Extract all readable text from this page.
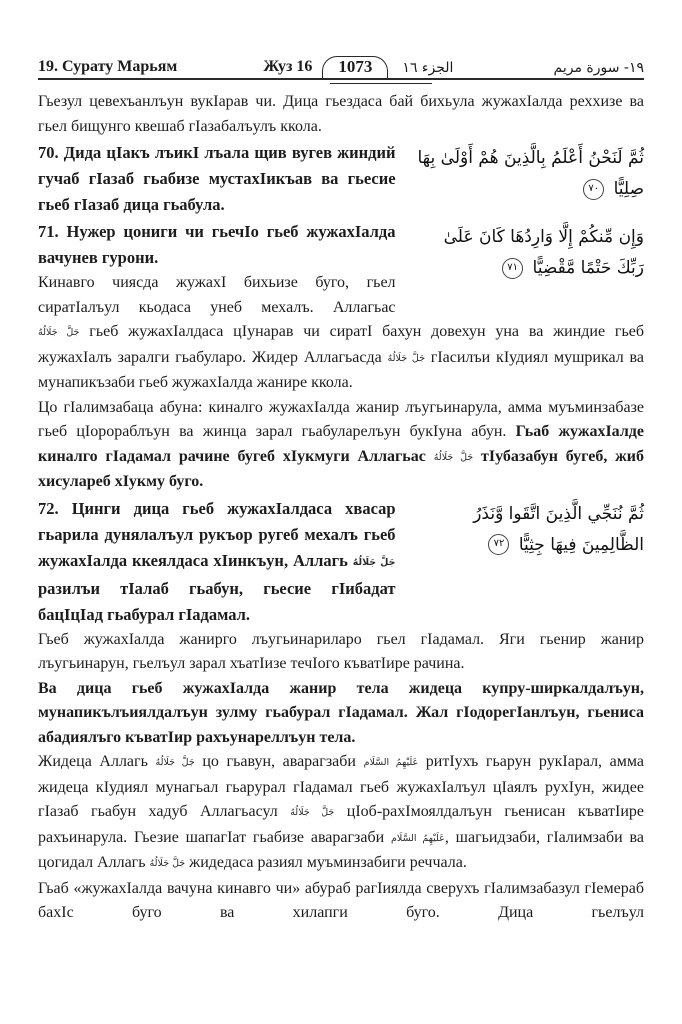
19. Сурату Марьям	Жуз 16	1073	الجزء ١٦	١٩- سورة مريم

Гьезул цевехъанлъун вукІарав чи. Дица гьездаса бай бихьула жужахІалда реххизе ва гьел бищунго квешаб гІазабалъулъ ккола.

70. Дида цІакъ лъикІ лъала щив вугев жиндий гучаб гІазаб гьабизе мустахІикъав ва гьесие гьеб гІазаб дица гьабула.

ثُمَّ لَنَحْنُ أَعْلَمُ بِالَّذِينَ هُمْ أَوْلَىٰ بِهَا صِلِيًّا ٧٠

71. Нужер цониги чи гьечІо гьеб жужахІалда вачунев гурони.

Кинавго чиясда жужахІ бихьизе буго, гьел сиратІалъул кьодаса унеб мехалъ. Аллагьас

وَإِن مِّنكُمْ إِلَّا وَارِدُهَا كَانَ عَلَىٰ رَبِّكَ حَتْمًا مَّقْضِيًّا ٧١

جَلَّ جَلَالُهُ гьеб жужахІалдаса цІунарав чи сиратІ бахун довехун уна ва жиндие гьеб жужахІалъ заралги гьабуларо. Жидер Аллагьасда جَلَّ جَلَالُهُ гІасилъи кІудиял мушрикал ва мунапикъзаби гьеб жужахІалда жанире ккола.

Цо гІалимзабаца абуна: киналго жужахІалда жанир лъугьинарула, амма муъминзабазе гьеб цІорораблъун ва жинца зарал гьабуларелъун букІуна абун. Гьаб жужахІалде киналго гІадамал рачине бугеб хІукмуги Аллагьас جَلَّ جَلَالُهُ тІубазабун бугеб, жиб хисулареб хІукму буго.

72. Цинги дица гьеб жужахІалдаса хвасар гьарила дунялалъул рукъор ругеб мехалъ гьеб жужахІалда ккеялдаса хІинкъун, Аллагь جَلَّ جَلَالُهُ разилъи тІалаб гьабун, гьесие гІибадат бацІцІад гьабурал гІадамал.

ثُمَّ نُنَجِّي الَّذِينَ اتَّقَوا وَّنَذَرُ الظَّالِمِينَ فِيهَا جِثِيًّا ٧٢

Гьеб жужахІалда жанирго лъугьинариларо гьел гІадамал. Яги гьенир жанир лъугьинарун, гьелъул зарал хъатІизе течІого къватІире рачина.

Ва дица гьеб жужахІалда жанир тела жидеца купру-ширкалдалъун, мунапикълъиялдалъун зулму гьабурал гІадамал. Жал гІодорегІанлъун, гьениса абадиялъго къватІир рахъунареллъун тела.

Жидеца Аллагь جَلَّ جَلَالُهُ цо гьавун, аварагзаби عَلَيْهِمُ السَّلَام ритІухъ гьарун рукІарал, амма жидеца кІудиял мунагьал гьарурал гІадамал гьеб жужахІалъул цІаялъ рухІун, жидее гІазаб гьабун хадуб Аллагьасул جَلَّ جَلَالُهُ цІоб-рахІмоялдалъун гьенисан къватІире рахъинарула. Гьезие шапагІат гьабизе аварагзаби عَلَيْهِمُ السَّلَام, шагьидзаби, гІалимзаби ва цогидал Аллагь جَلَّ جَلَالُهُ жидедаса разиял муъминзабиги реччала.

Гьаб «жужахІалда вачуна кинавго чи» абураб рагІиялда сверухъ гІалимзабазул гІемераб бахІс буго ва хилапги буго. Дица гьелъул
